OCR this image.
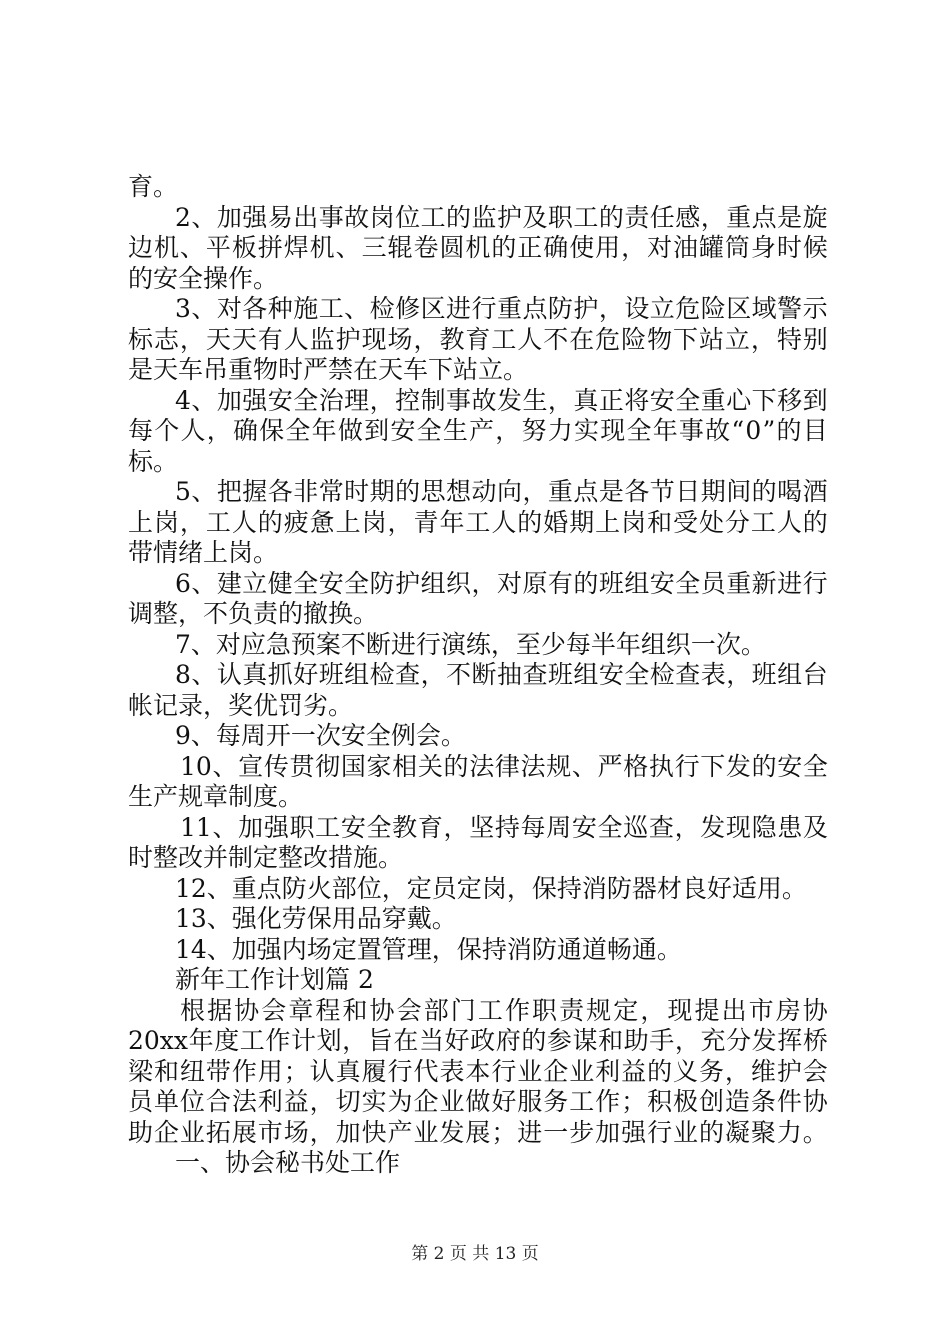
育。
2 、 加 强 易 出 事 故 岗 位 工 的 监 护 及 职 工 的 责 任 感 ， 重 点 是 旋
边 机 、 平 板 拼 焊 机 、 三 辊 卷 圆 机 的 正 确 使 用 ， 对 油 罐 筒 身 时 候
的安全操作。
3 、 对 各 种 施 工 、 检 修 区 进 行 重 点 防 护 ， 设 立 危 险 区 域 警 示
标 志 ， 天 天 有 人 监 护 现 场 ， 教 育 工 人 不 在 危 险 物 下 站 立 ， 特 别
是天车吊重物时严禁在天车下站立。
4 、 加 强 安 全 治 理 ， 控 制 事 故 发 生 ， 真 正 将 安 全 重 心 下 移 到
每 个 人 ， 确 保 全 年 做 到 安 全 生 产 ， 努 力 实 现 全 年 事 故 “ 0 ” 的 目
标。
5 、 把 握 各 非 常 时 期 的 思 想 动 向 ， 重 点 是 各 节 日 期 间 的 喝 酒
上 岗 ， 工 人 的 疲 惫 上 岗 ， 青 年 工 人 的 婚 期 上 岗 和 受 处 分 工 人 的
带情绪上岗。
6 、 建 立 健 全 安 全 防 护 组 织 ， 对 原 有 的 班 组 安 全 员 重 新 进 行
调整，不负责的撤换。
7、对应急预案不断进行演练，至少每半年组织一次。
8 、 认 真 抓 好 班 组 检 查 ， 不 断 抽 查 班 组 安 全 检 查 表 ， 班 组 台
帐记录，奖优罚劣。
9、每周开一次安全例会。
10 、 宣 传 贯 彻 国 家 相 关 的 法 律 法 规 、 严 格 执 行 下 发 的 安 全
生产规章制度。
11 、 加 强 职 工 安 全 教 育 ， 坚 持 每 周 安 全 巡 查 ， 发 现 隐 患 及
时整改并制定整改措施。
12、重点防火部位，定员定岗，保持消防器材良好适用。
13、强化劳保用品穿戴。
14、加强内场定置管理，保持消防通道畅通。
新年工作计划篇 2
根 据 协 会 章 程 和 协 会 部 门 工 作 职 责 规 定 ， 现 提 出 市 房 协
20xx 年 度 工 作 计 划 ， 旨 在 当 好 政 府 的 参 谋 和 助 手 ， 充 分 发 挥 桥
梁 和 纽 带 作 用 ； 认 真 履 行 代 表 本 行 业 企 业 利 益 的 义 务 ， 维 护 会
员 单 位 合 法 利 益 ， 切 实 为 企 业 做 好 服 务 工 作 ； 积 极 创 造 条 件 协
助 企 业 拓 展 市 场 ， 加 快 产 业 发 展 ； 进 一 步 加 强 行 业 的 凝 聚 力 。
一、协会秘书处工作
第 2 页 共 13 页
